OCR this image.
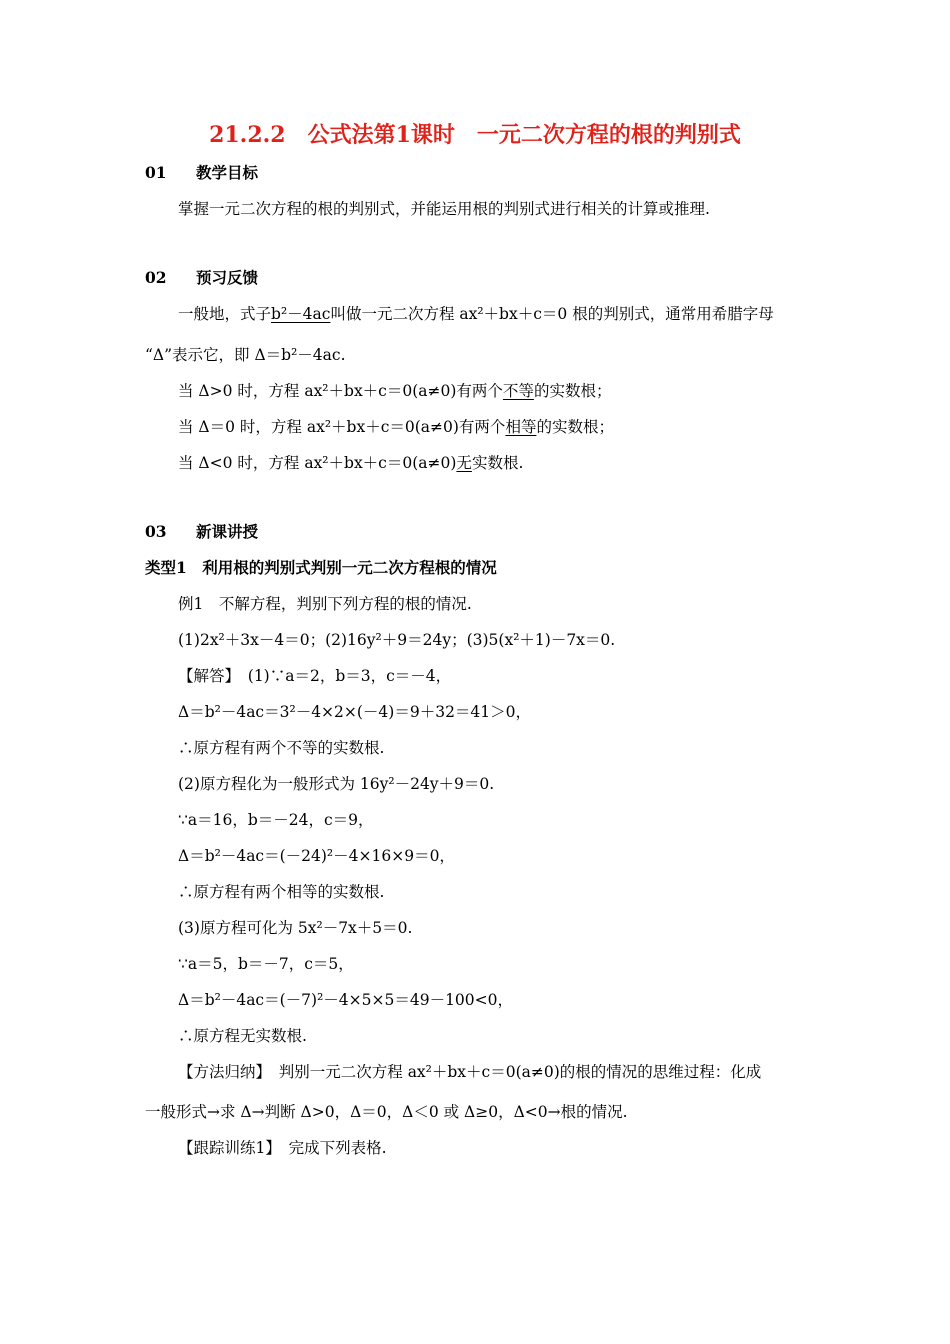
21.2.2　公式法第1课时　一元二次方程的根的判别式
01 教学目标
掌握一元二次方程的根的判别式，并能运用根的判别式进行相关的计算或推理.
02 预习反馈
一般地，式子b²－4ac叫做一元二次方程 ax²＋bx＋c＝0 根的判别式，通常用希腊字母
“Δ”表示它，即 Δ＝b²－4ac.
当 Δ>0 时，方程 ax²＋bx＋c＝0(a≠0)有两个不等的实数根；
当 Δ＝0 时，方程 ax²＋bx＋c＝0(a≠0)有两个相等的实数根；
当 Δ<0 时，方程 ax²＋bx＋c＝0(a≠0)无实数根.
03 新课讲授
类型1　利用根的判别式判别一元二次方程根的情况
例1　不解方程，判别下列方程的根的情况.
(1)2x²＋3x－4＝0；(2)16y²＋9＝24y；(3)5(x²＋1)－7x＝0.
【解答】　(1)∵a＝2，b＝3，c＝－4，
Δ＝b²－4ac＝3²－4×2×(－4)＝9＋32＝41＞0，
∴原方程有两个不等的实数根.
(2)原方程化为一般形式为 16y²－24y＋9＝0.
∵a＝16，b＝－24，c＝9，
Δ＝b²－4ac＝(－24)²－4×16×9＝0，
∴原方程有两个相等的实数根.
(3)原方程可化为 5x²－7x＋5＝0.
∵a＝5，b＝－7，c＝5，
Δ＝b²－4ac＝(－7)²－4×5×5＝49－100<0，
∴原方程无实数根.
【方法归纳】　判别一元二次方程 ax²＋bx＋c＝0(a≠0)的根的情况的思维过程：化成
一般形式→求 Δ→判断 Δ>0，Δ＝0，Δ＜0 或 Δ≥0，Δ<0→根的情况.
【跟踪训练1】　完成下列表格.
